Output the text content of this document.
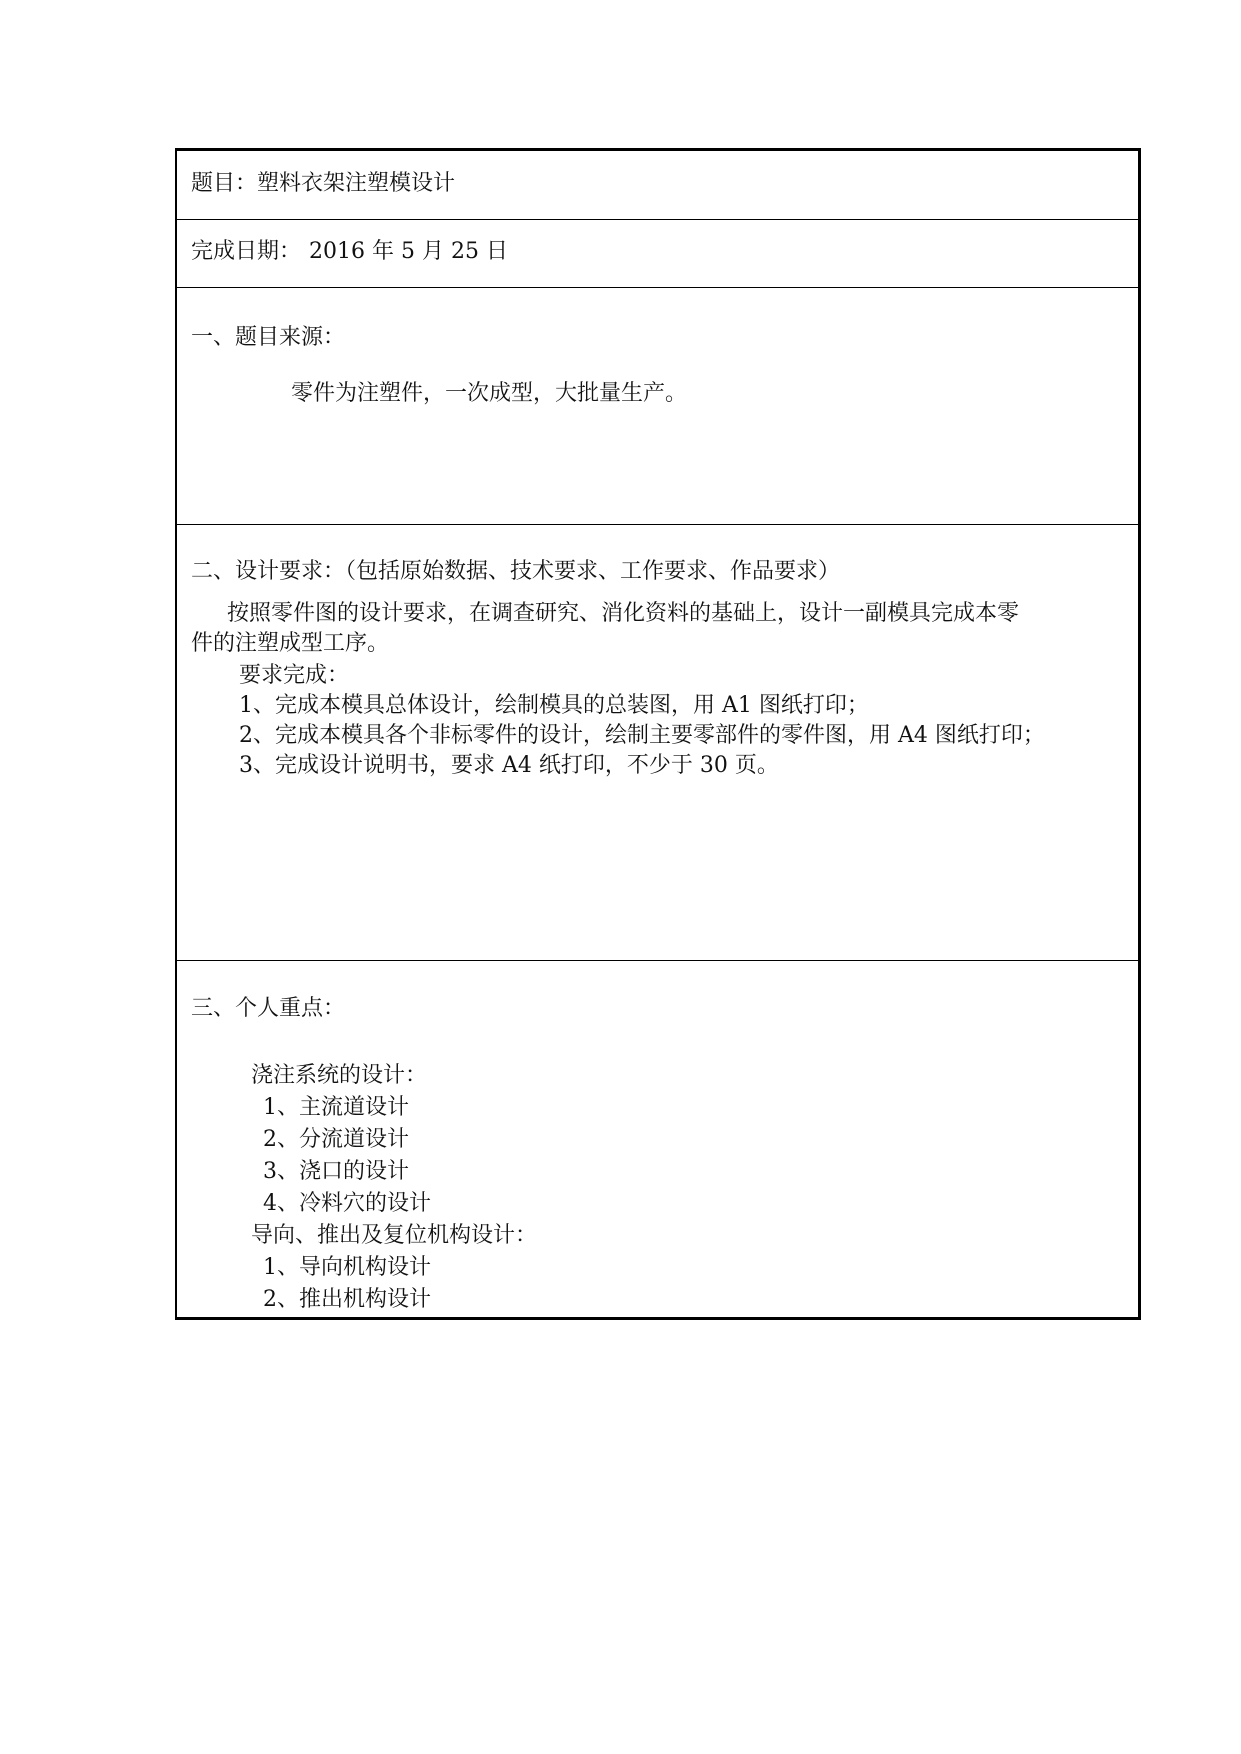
题目： 塑料衣架注塑模设计
完成日期： 2016 年 5 月 25 日
一、题目来源：
零件为注塑件，一次成型，大批量生产。
二、设计要求：（包括原始数据、技术要求、工作要求、作品要求）
按照零件图的设计要求，在调查研究、消化资料的基础上，设计一副模具完成本零
件的注塑成型工序。
要求完成：
1、完成本模具总体设计，绘制模具的总装图，用 A1 图纸打印；
2、完成本模具各个非标零件的设计，绘制主要零部件的零件图，用 A4 图纸打印；
3、完成设计说明书，要求 A4 纸打印，不少于 30 页。
三、个人重点：
浇注系统的设计：
1、主流道设计
2、分流道设计
3、浇口的设计
4、冷料穴的设计
导向、推出及复位机构设计：
1、导向机构设计
2、推出机构设计
